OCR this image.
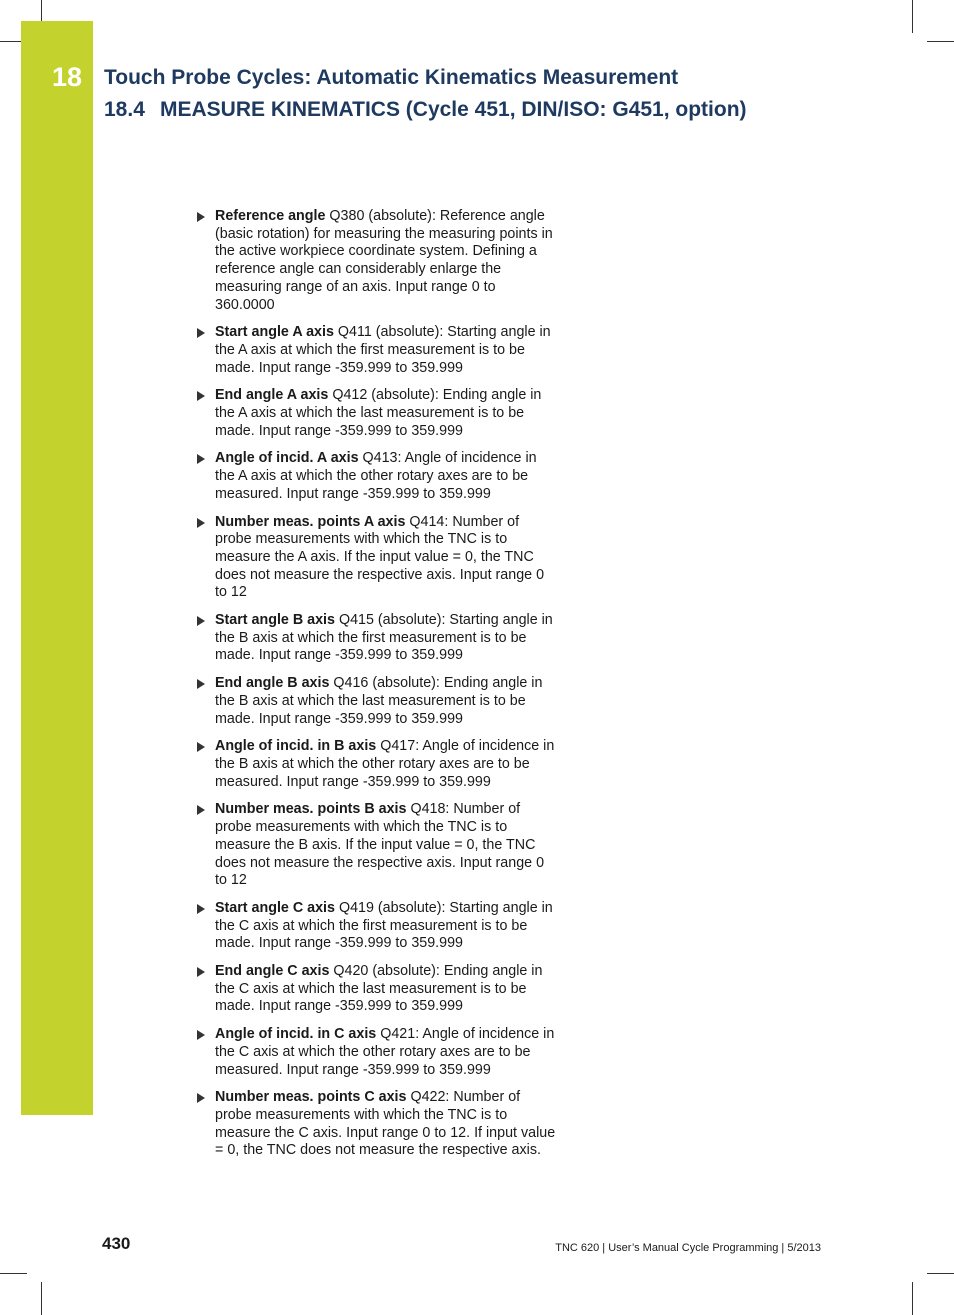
18 Touch Probe Cycles: Automatic Kinematics Measurement
18.4 MEASURE KINEMATICS (Cycle 451, DIN/ISO: G451, option)
Reference angle Q380 (absolute): Reference angle (basic rotation) for measuring the measuring points in the active workpiece coordinate system. Defining a reference angle can considerably enlarge the measuring range of an axis. Input range 0 to 360.0000
Start angle A axis Q411 (absolute): Starting angle in the A axis at which the first measurement is to be made. Input range -359.999 to 359.999
End angle A axis Q412 (absolute): Ending angle in the A axis at which the last measurement is to be made. Input range -359.999 to 359.999
Angle of incid. A axis Q413: Angle of incidence in the A axis at which the other rotary axes are to be measured. Input range -359.999 to 359.999
Number meas. points A axis Q414: Number of probe measurements with which the TNC is to measure the A axis. If the input value = 0, the TNC does not measure the respective axis. Input range 0 to 12
Start angle B axis Q415 (absolute): Starting angle in the B axis at which the first measurement is to be made. Input range -359.999 to 359.999
End angle B axis Q416 (absolute): Ending angle in the B axis at which the last measurement is to be made. Input range -359.999 to 359.999
Angle of incid. in B axis Q417: Angle of incidence in the B axis at which the other rotary axes are to be measured. Input range -359.999 to 359.999
Number meas. points B axis Q418: Number of probe measurements with which the TNC is to measure the B axis. If the input value = 0, the TNC does not measure the respective axis. Input range 0 to 12
Start angle C axis Q419 (absolute): Starting angle in the C axis at which the first measurement is to be made. Input range -359.999 to 359.999
End angle C axis Q420 (absolute): Ending angle in the C axis at which the last measurement is to be made. Input range -359.999 to 359.999
Angle of incid. in C axis Q421: Angle of incidence in the C axis at which the other rotary axes are to be measured. Input range -359.999 to 359.999
Number meas. points C axis Q422: Number of probe measurements with which the TNC is to measure the C axis. Input range 0 to 12. If input value = 0, the TNC does not measure the respective axis.
430	TNC 620 | User’s Manual Cycle Programming | 5/2013
